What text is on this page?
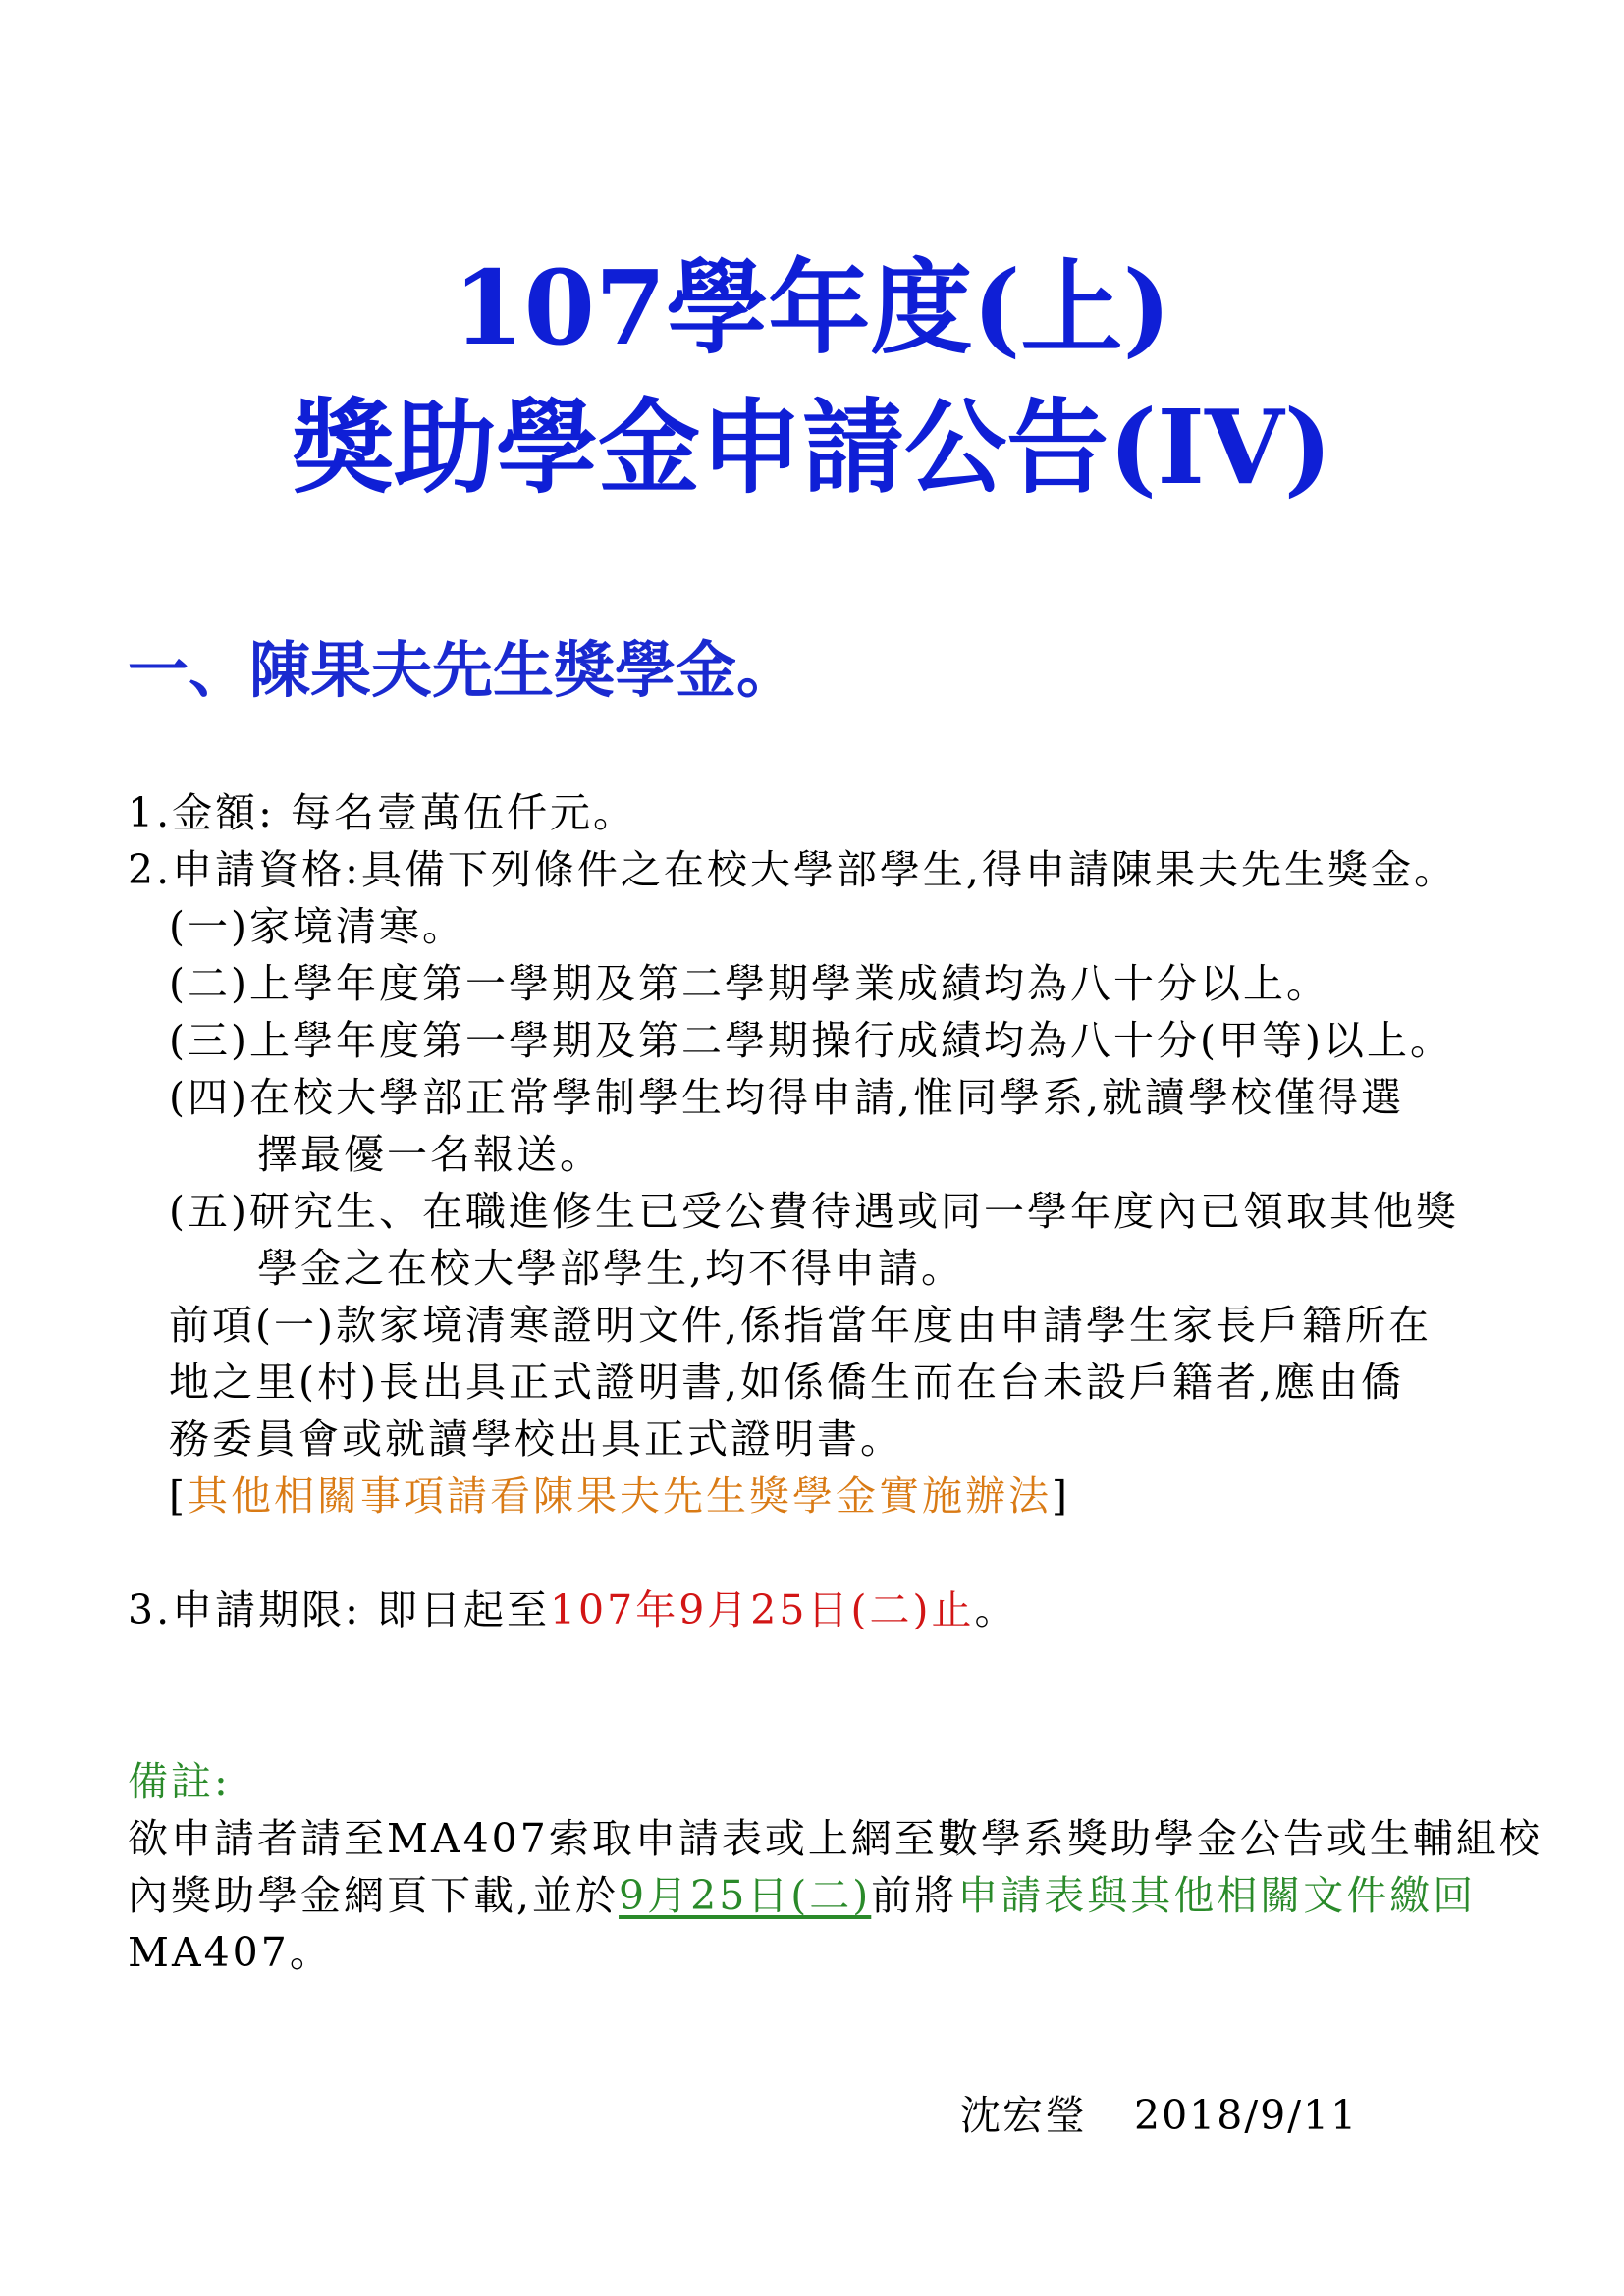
107學年度(上)
獎助學金申請公告(IV)
一、陳果夫先生獎學金。
1.金額: 每名壹萬伍仟元。
2.申請資格:具備下列條件之在校大學部學生,得申請陳果夫先生獎金。
(一)家境清寒。
(二)上學年度第一學期及第二學期學業成績均為八十分以上。
(三)上學年度第一學期及第二學期操行成績均為八十分(甲等)以上。
(四)在校大學部正常學制學生均得申請,惟同學系,就讀學校僅得選
擇最優一名報送。
(五)研究生、在職進修生已受公費待遇或同一學年度內已領取其他獎
學金之在校大學部學生,均不得申請。
前項(一)款家境清寒證明文件,係指當年度由申請學生家長戶籍所在
地之里(村)長出具正式證明書,如係僑生而在台未設戶籍者,應由僑
務委員會或就讀學校出具正式證明書。
[其他相關事項請看陳果夫先生獎學金實施辦法]
3.申請期限: 即日起至107年9月25日(二)止。
備註:
欲申請者請至MA407索取申請表或上網至數學系獎助學金公告或生輔組校
內獎助學金網頁下載,並於9月25日(二)前將申請表與其他相關文件繳回
MA407。
沈宏瑩 2018/9/11
